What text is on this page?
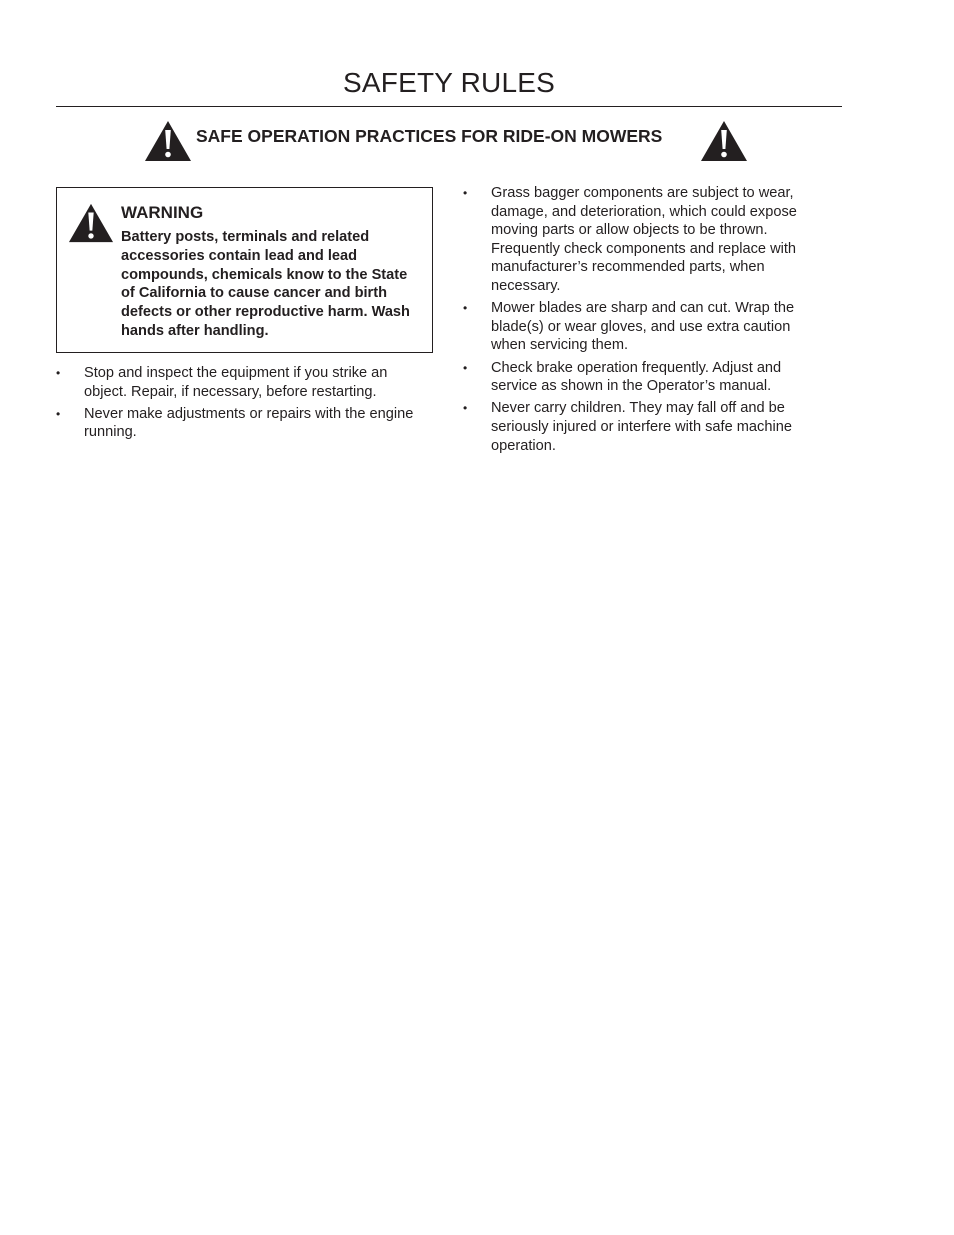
SAFETY RULES
SAFE OPERATION PRACTICES FOR RIDE-ON MOWERS
WARNING
Battery posts, terminals and related accessories contain lead and lead compounds, chemicals know to the State of California to cause cancer and birth defects or other reproductive harm. Wash hands after handling.
• Stop and inspect the equipment if you strike an object. Repair, if necessary, before restarting.
• Never make adjustments or repairs with the engine running.
• Grass bagger components are subject to wear, damage, and deterioration, which could expose moving parts or allow objects to be thrown. Frequently check components and replace with manufacturer’s recommended parts, when necessary.
• Mower blades are sharp and can cut. Wrap the blade(s) or wear gloves, and use extra caution when servicing them.
• Check brake operation frequently. Adjust and service as shown in the Operator’s manual.
• Never carry children. They may fall off and be seriously injured or interfere with safe machine operation.
